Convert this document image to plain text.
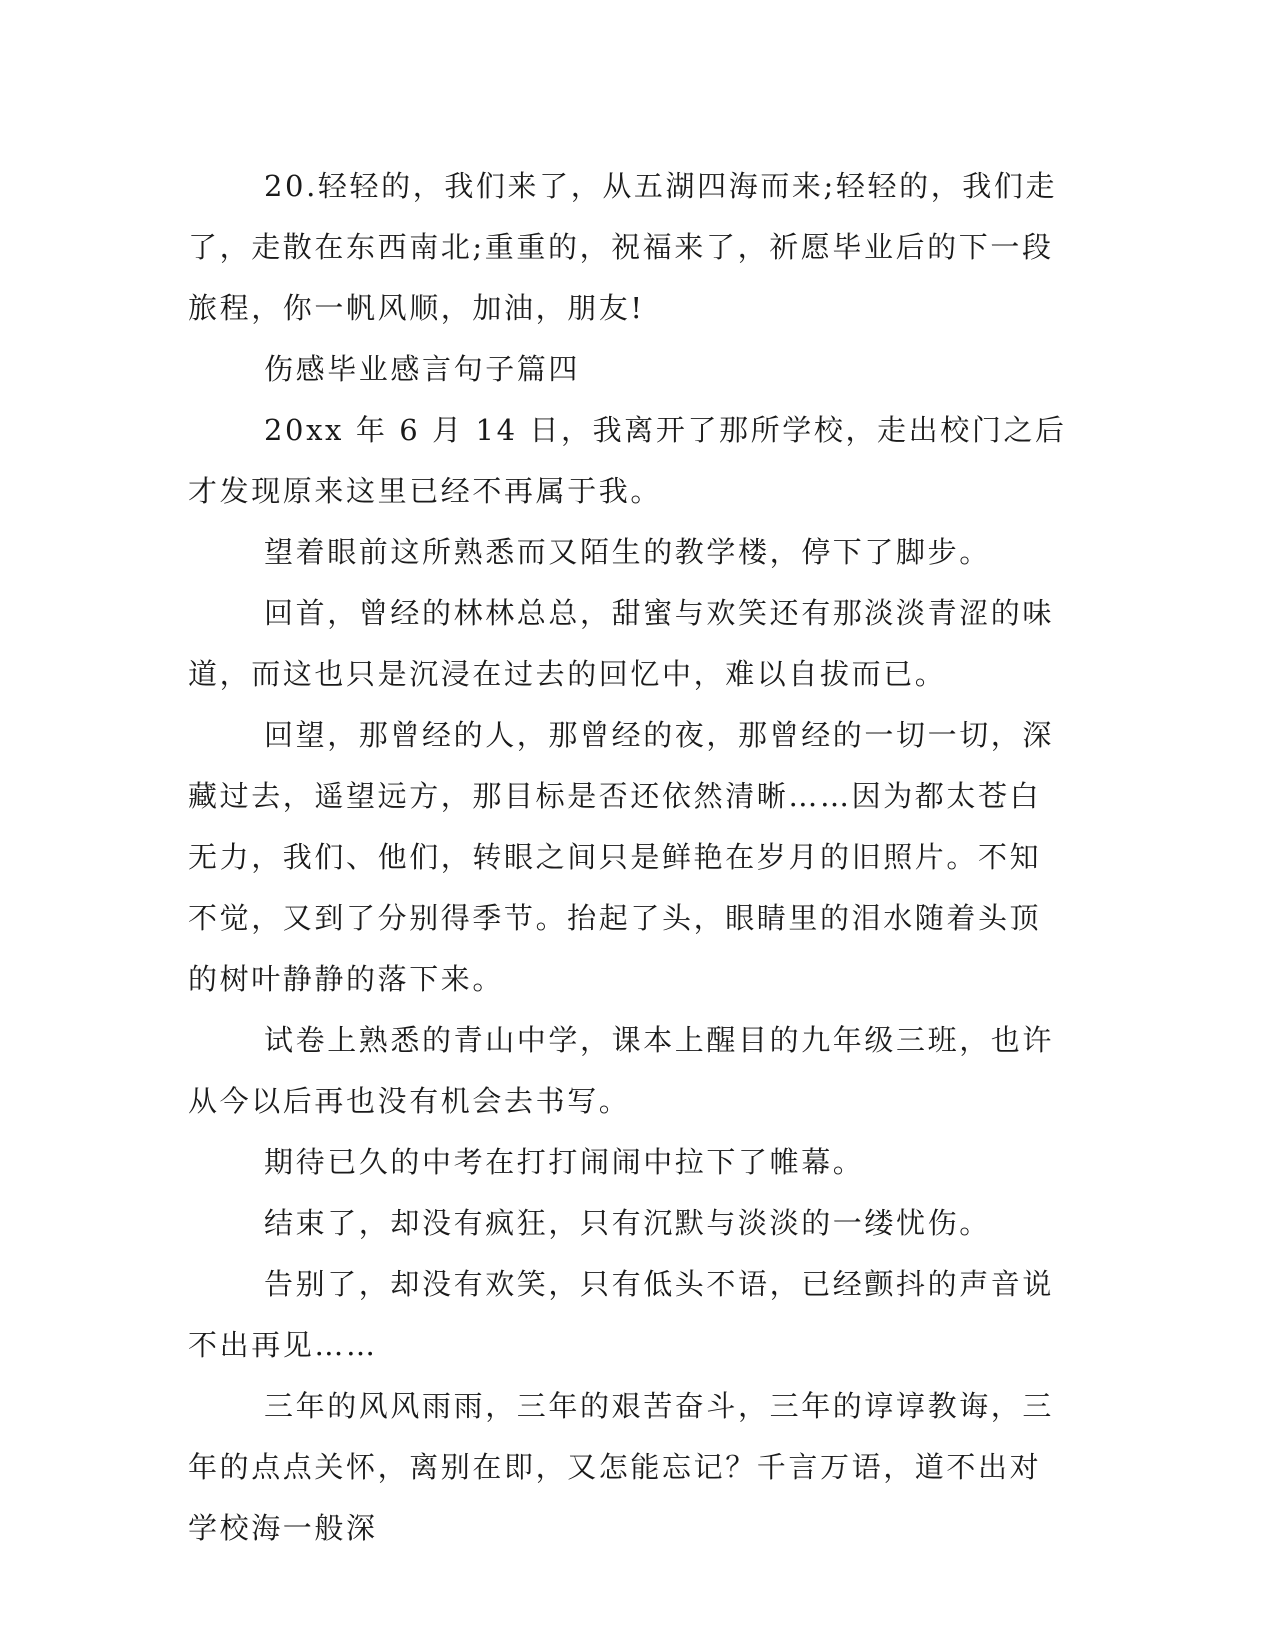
20.轻轻的，我们来了，从五湖四海而来;轻轻的，我们走了，走散在东西南北;重重的，祝福来了，祈愿毕业后的下一段旅程，你一帆风顺，加油，朋友!

伤感毕业感言句子篇四

20xx 年 6 月 14 日，我离开了那所学校，走出校门之后才发现原来这里已经不再属于我。

望着眼前这所熟悉而又陌生的教学楼，停下了脚步。

回首，曾经的林林总总，甜蜜与欢笑还有那淡淡青涩的味道，而这也只是沉浸在过去的回忆中，难以自拔而已。

回望，那曾经的人，那曾经的夜，那曾经的一切一切，深藏过去，遥望远方，那目标是否还依然清晰……因为都太苍白无力，我们、他们，转眼之间只是鲜艳在岁月的旧照片。不知不觉，又到了分别得季节。抬起了头，眼睛里的泪水随着头顶的树叶静静的落下来。

试卷上熟悉的青山中学，课本上醒目的九年级三班，也许从今以后再也没有机会去书写。

期待已久的中考在打打闹闹中拉下了帷幕。

结束了，却没有疯狂，只有沉默与淡淡的一缕忧伤。

告别了，却没有欢笑，只有低头不语，已经颤抖的声音说不出再见……

三年的风风雨雨，三年的艰苦奋斗，三年的谆谆教诲，三年的点点关怀，离别在即，又怎能忘记？千言万语，道不出对学校海一般深
